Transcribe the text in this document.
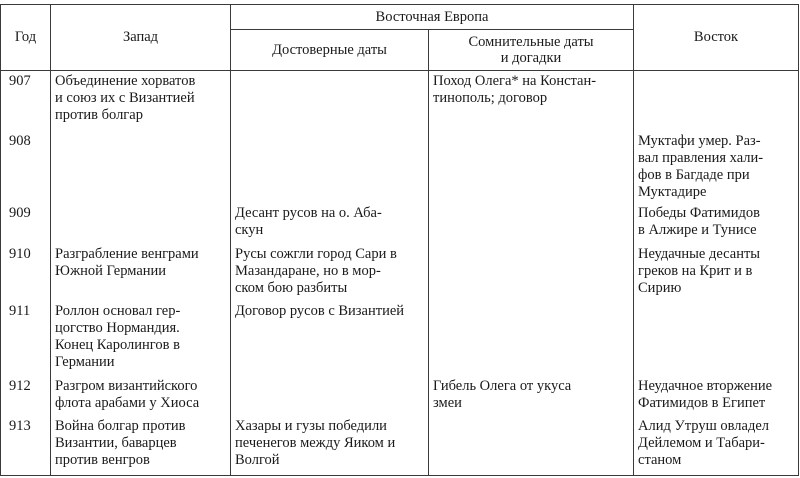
Год	Запад	Восточная Европа		Восток
		Достоверные даты	Сомнительные даты
и догадки	
907	Объединение хорватов
и союз их с Византией
против болгар		Поход Олега* на Констан-
тинополь; договор	
908				Муктафи умер. Раз-
вал правления хали-
фов в Багдаде при
Муктадире
909		Десант русов на о. Аба-
скун		Победы Фатимидов
в Алжире и Тунисе
910	Разграбление венграми
Южной Германии	Русы сожгли город Сари в
Мазандаране, но в мор-
ском бою разбиты		Неудачные десанты
греков на Крит и в
Сирию
911	Роллон основал гер-
цогство Нормандия.
Конец Каролингов в
Германии	Договор русов с Византией		
912	Разгром византийского
флота арабами у Хиоса		Гибель Олега от укуса
змеи	Неудачное вторжение
Фатимидов в Египет
913	Война болгар против
Византии, баварцев
против венгров	Хазары и гузы победили
печенегов между Яиком и
Волгой		Алид Утруш овладел
Дейлемом и Табари-
станом
